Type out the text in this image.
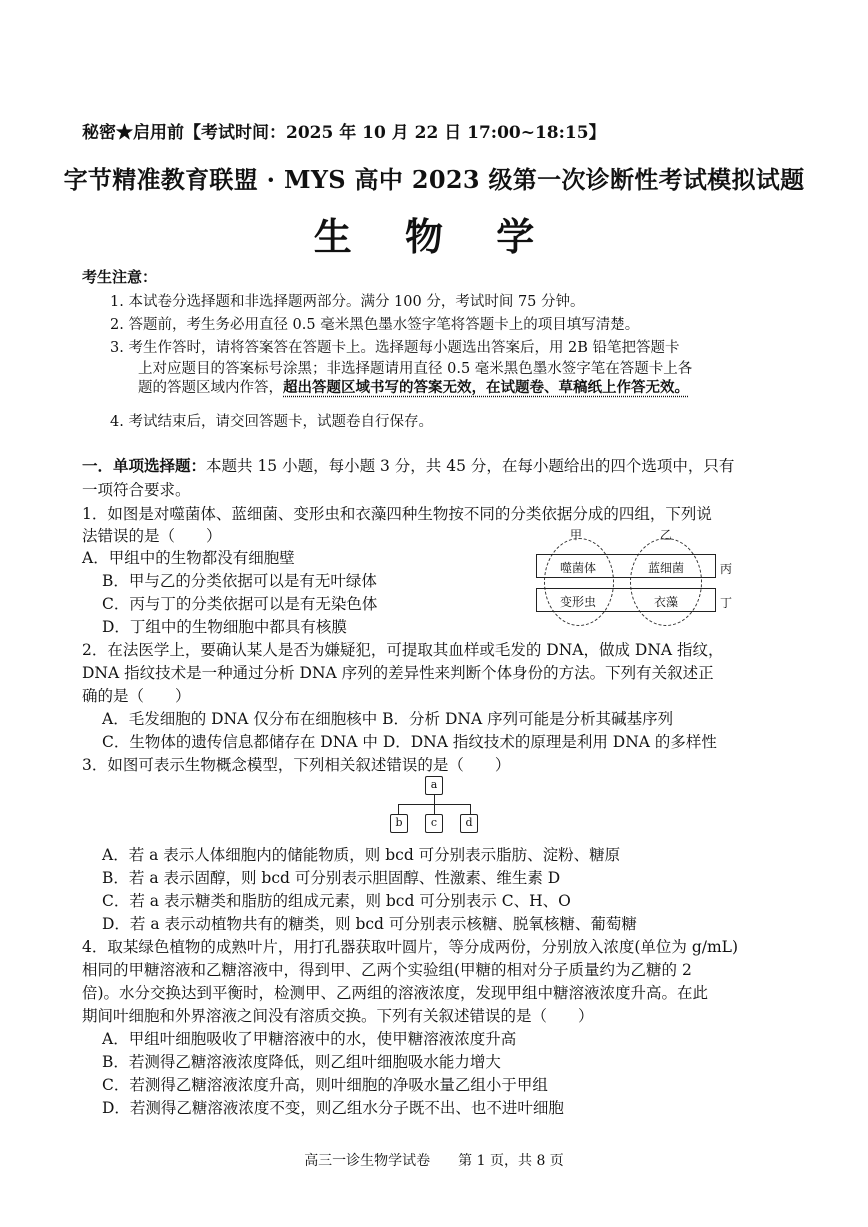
秘密★启用前【考试时间：2025 年 10 月 22 日 17:00~18:15】
字节精准教育联盟 · MYS 高中 2023 级第一次诊断性考试模拟试题
生 物 学
考生注意：
1. 本试卷分选择题和非选择题两部分。满分 100 分，考试时间 75 分钟。
2. 答题前，考生务必用直径 0.5 毫米黑色墨水签字笔将答题卡上的项目填写清楚。
3. 考生作答时，请将答案答在答题卡上。选择题每小题选出答案后，用 2B 铅笔把答题卡
上对应题目的答案标号涂黑；非选择题请用直径 0.5 毫米黑色墨水签字笔在答题卡上各
题的答题区域内作答，超出答题区域书写的答案无效，在试题卷、草稿纸上作答无效。
4. 考试结束后，请交回答题卡，试题卷自行保存。
一．单项选择题：本题共 15 小题，每小题 3 分，共 45 分，在每小题给出的四个选项中，只有
一项符合要求。
1．如图是对噬菌体、蓝细菌、变形虫和衣藻四种生物按不同的分类依据分成的四组，下列说
法错误的是（　　）
A．甲组中的生物都没有细胞壁
B．甲与乙的分类依据可以是有无叶绿体
C．丙与丁的分类依据可以是有无染色体
D．丁组中的生物细胞中都具有核膜
甲	乙
噬菌体	蓝细菌
变形虫	衣藻
丙
丁
2．在法医学上，要确认某人是否为嫌疑犯，可提取其血样或毛发的 DNA，做成 DNA 指纹，
DNA 指纹技术是一种通过分析 DNA 序列的差异性来判断个体身份的方法。下列有关叙述正
确的是（　　）
A．毛发细胞的 DNA 仅分布在细胞核中 B．分析 DNA 序列可能是分析其碱基序列
C．生物体的遗传信息都储存在 DNA 中 D．DNA 指纹技术的原理是利用 DNA 的多样性
3．如图可表示生物概念模型，下列相关叙述错误的是（　　）
a
b	c	d
A．若 a 表示人体细胞内的储能物质，则 bcd 可分别表示脂肪、淀粉、糖原
B．若 a 表示固醇，则 bcd 可分别表示胆固醇、性激素、维生素 D
C．若 a 表示糖类和脂肪的组成元素，则 bcd 可分别表示 C、H、O
D．若 a 表示动植物共有的糖类，则 bcd 可分别表示核糖、脱氧核糖、葡萄糖
4．取某绿色植物的成熟叶片，用打孔器获取叶圆片，等分成两份，分别放入浓度(单位为 g/mL)
相同的甲糖溶液和乙糖溶液中，得到甲、乙两个实验组(甲糖的相对分子质量约为乙糖的 2
倍)。水分交换达到平衡时，检测甲、乙两组的溶液浓度，发现甲组中糖溶液浓度升高。在此
期间叶细胞和外界溶液之间没有溶质交换。下列有关叙述错误的是（　　）
A．甲组叶细胞吸收了甲糖溶液中的水，使甲糖溶液浓度升高
B．若测得乙糖溶液浓度降低，则乙组叶细胞吸水能力增大
C．若测得乙糖溶液浓度升高，则叶细胞的净吸水量乙组小于甲组
D．若测得乙糖溶液浓度不变，则乙组水分子既不出、也不进叶细胞
高三一诊生物学试卷　　第 1 页，共 8 页
